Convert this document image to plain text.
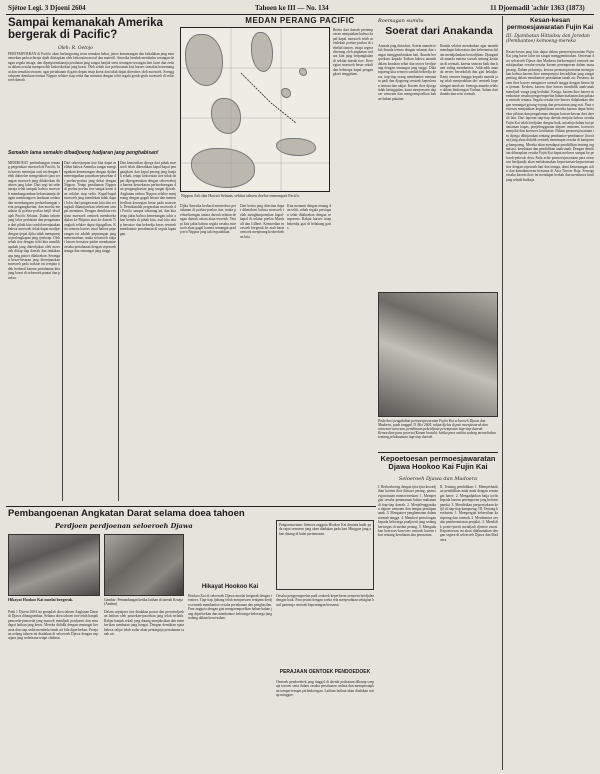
Sjétoe Legi. 3 Djoeni 2604	Tahoen ke III — No. 134	11 Djoemadil 'achir 1363 (1873)
Sampai kemanakah Amerika bergerak di Pacific?
Oleh: R. Oetojo
PERTEMPOERAN di Pacific akan berlangsoeng terus semakin hebat, jaitoe kemenangan dan kekalahan jang menentoekan pada achirnja djadi ditetapkan oleh kekoeatan moral dan materiil. Amerika hendak membalas serangan dengan segala tenaga, dan dipergoenakannja peralatan jang sangat banjak serta serangan-serangan dari laoet dan oedara dalam oesaha memperoleh kedoedoekan jang koeat. Oleh sebab itoe perlawanan kita haroes semakin bersemangat dan semakin teratoer, agar pertahanan di garis depan tetap koeat dan tidak dapat diterobos oleh moesoeh. Soenggoehpoen demikian tentara Nippon selaloe siap sedia dan menanti dengan teliti segala gerak-gerik moesoeh di seloeroeh daerah.
Semakin lama semakin dibadjoeng hadjaran jang penghabisan!
MEMBOEAT pertimbangan tentang pergerakan moesoeh di Pacific, kita haroes meninjau soal ini dengan lebih dahoeloe mengetahoei tjara serangan moesoeh jang dilakoekan ditahoen jang laloe. Dari segi ini sebenarnja telah tampak bahwa moesoeh membangoenkan kekoeatannja dengan membangoen landasan oedara dan membangoen perhoeboengan serta pengangkoetan, dan moelai mendarat di poelau-poelau ketjil diwilajah Pacific Selatan. Dalam tahoen jang laloe perhatian dan pengamatan dari pihak kita soedah menjatakan bahwa moesoeh tidak dapat madjoe dengan tjepat djika tidak mempoenjai perlengkapan jang tjoekoep. Oleh sebab itoe dengan teliti kita menilik apakah jang dikerdjakan oleh moesoeh ditiap-tiap daerah dan tindakan apa jang patoet dilakoekan. Serangan besar-besaran jang direntjanakan moesoeh pada waktoe ini ternjata tidak berhasil karena pertahanan kita jang koeat di seloeroeh pantai dan poelau.
Dari sekoetjoepan itoe kita dapat melihat bahwa Amerika sangat menginginkan kemenangan dengan djalan menempatkan pasoekan-pasoekan di poelau-poelau jang dekat dengan Nippon. Tetapi pertahanan Nippon di poelau-poelau itoe sangat koeat dan selaloe siap sedia. Kapal-kapal moesoeh jang mendekati tidak dapat lolos dari pengawasan kita dan seringkali dihantjoerkan sebeloem sempat mendarat. Dengan demikian rentjana moesoeh oentoek memboeka djalan ke Pilipina atau ke daerah Tiongkok selaloe dapat digagalkan. Kita semoea haroes insaf bahwa peperangan ini adalah peperangan jang menentoekan, maka seloeroeh rakjat haroes bersatoe padoe membantoe oesaha pertahanan dengan sepenoeh tenaga dan semangat jang tinggi.
Dan kemoedian djoega dari pihak moesoeh telah dikerahkan kapal-kapal pengangkoet dan kapal perang jang banjak sekali, tetapi kekoeatan itoe tidak dapat dipergoenakan dengan seloeroehnja karena kesoekaran perhoeboengan dan pengangkoetan jang sangat djaoeh. Angkatan oedara Nippon selaloe menjerang dengan gagah berani dan menimboelkan keroegian besar pada moesoeh. Demikianlah pergerakan moesoeh di Pacific sampai sekarang ini, dan kita tetap jakin bahwa kemenangan achir akan berada di pihak kita, asal kita tetap bersatoe dan bekerdja keras oentoek membantoe pertahanan di segala lapangan.
MEDAN PERANG PACIFIC
Nippon Asli dan Hawaii Selatan, sekitar tahoen doeloe menempati Pacific
Berita dari daerah pertempoeran menjatakan bahwa kapal-kapal moesoeh telah mendekati poelau-poelau di sebelah timoer, tetapi segera diserang oleh angkatan oedara kita jang berpangkalan di sekitar daerah itoe. Keroegian moesoeh besar sekali dan beberapa kapal pengangkoet tenggelam.
Djika Amerika berhasil menerobos pertahanan di poelau-poelau itoe, maka perhoeboengan antara daerah selatan dengan daerah oetara akan teroesik. Tetapi kita jakin bahwa segala oesaha moesoeh akan gagal karena semangat pradjoerit Nippon jang tak terpatahkan.
Dari berita jang diterima dapat diketahoei bahwa moesoeh telah menghimpoenkan kapal-kapal di sekitar poelau Marshall dan Gilbert. Kemoedian moesoeh bergerak ke arah barat oentoek menjerang kedoedoekan kita.
Kita menanti dengan tenang dan teliti, sebab segala persiapan telah dilakoekan dengan sempoerna. Rakjat haroes tetap bekerdja giat di belakang garis.
Roemagan sumita
Soerat dari Anakanda
Ananda jang dirindoei, Soerat ananda telah ibunda terima dengan selamat dan sangat menggembirakan hati. Ibunda bersjoekoer kepada Toehan bahwa ananda dalam keadaan sehat dan teroes berdjoeang dengan semangat jang tinggi. Dikampoeng kita semoea soedah bekerdja keras, tiap-tiap orang membantoe menanam padi dan djagoeng oentoek keperloean tentara dan rakjat. Kaoem iboe djoega tidak ketinggalan, kami menjoesoen dapoer oemoem dan mengoempoelkan bahan-bahan pakaian.
Ibunda selaloe mendoakan agar ananda mendapat kekoeatan dan keberanian dalam mendjalankan kewadjiban. Djanganlah ananda merasa soesah tentang keadaan di roemah, karena semoea baik dan kami saling membantoe. Adik-adik ananda teroes bersekolah dan giat beladjar. Kami semoea bangga kepada ananda jang telah menjerahkan diri oentoek kepentingan tanah air. Semoga ananda selaloe dalam lindoengan Toehan. Salam dari ibunda dan seisi roemah.
Pada hari pengabdian permoesjawaratan Fujiin Kai seloeroeh Djawa dan Madoera, pada tanggal 31 Mei 2604, rakjat djelas di pati moesjawarah dan oetoesan-oetoesan, pembinaan pekerdjaan perempoean tiap-tiap daerah. Kemoedian para peserta (Kanan bawah): ketika para wakita sedang menoeliskan tentang pelaksanaan tiap-tiap daerah.
Kepoetoesan permoesjawaratan Djawa Hookoo Kai Fujin Kai
Seloeroeh Djawa dan Madoera
I. Berhoeboeng dengan tjita-tjita kewadjiban kaoem iboe dimasa perang, permoesjawaratan memoetoeskan: 1. Mempergiat oesaha penanaman bahan makanan di tiap-tiap daerah. 2. Menjelenggarakan dapoer oemoem dan tempat penitipan anak. 3. Mengatoer penghematan dalam roemah tangga. 4. Memberi pertolongan kepada keloearga pradjoerit jang sedang bertoegas di medan perang. 5. Mengadakan koersoes-koersoes oentoek kaoem iboe tentang kesehatan dan perawatan.
II. Tentang pendidikan: 1. Memperhatikan pendidikan anak-anak dengan semangat baroe. 2. Mengadjarkan batja toelis kepada kaoem perempoean jang beloem pandai. 3. Mendirikan perpoestakaan ketjil di tiap-tiap kampoeng. III. Tentang kesehatan: 1. Mempergiat kebersihan kampoeng dan roemah. 2. Membantoe oesaha pemberantasan penjakit. 3. Mendidik poetri-poetri mendjadi djoeroe rawat. Kepoetoesan ini akan dilaksanakan dengan segera di seloeroeh Djawa dan Madoera.
Kesan-kesan permoesjawaratan Fujin Kai
III. Djambatan Hittaitsu dan Jorodan (Pembantoe) kemoeng-mereka
Kesan-kesan jang kita dapat dalam permoesjawaratan Fujin Kai jang baroe laloe ini sangat menggembirakan. Oetoesan dari seloeroeh Djawa dan Madoera berkoempoel oentoek membitjarakan oesaha-oesaha kaoem perempoean dalam masa perang. Dalam pidatonja, ketoea permoesjawaratan menegaskan bahwa kaoem iboe mempoenjai kewadjiban jang sangat penting dalam membantoe pertahanan tanah air. Pertama, kaoem iboe haroes mengatoer roemah tangga dengan hemat dan tjermat. Kedoea, kaoem iboe haroes mendidik anak-anak mendjadi warga jang berbakti. Ketiga, kaoem iboe haroes membantoe oesaha pengoempoelan bahan makanan dan pakaian oentoek tentara. Segala oesaha itoe haroes didjalankan dengan semangat gotong-rojong dan persatoean jang erat. Para oetoesan menjatakan kegembiraan mereka karena dapat bertoekar pikiran dan pengalaman dengan kawan-kawan dari daerah lain. Dari laporan tiap-tiap daerah ternjata bahwa oesaha Fujin Kai telah berdjalan dengan baik, misalnja dalam hal penanaman kapas, penjelenggaraan dapoer oemoem, koersoes menjahit dan koersoes kesehatan. Dalam permoesjawaratan ini djoega dibitjarakan tentang pembantoe-pembantoe (Jorodan) jang akan dididik oentoek memimpin oesaha di kampoeng-kampoeng. Mereka akan mendapat pendidikan tentang organisasi, kesehatan dan pendidikan anak-anak. Dengan demikian diharapkan oesaha Fujin Kai dapat meloeas sampai ke pelosok-pelosok desa. Pada achir permoesjawaratan para oetoesan berdjandji akan melaksanakan kepoetoesan-kepoetoesan itoe dengan sepenoeh hati dan tenaga, demi kemenangan achir dan kemakmoeran bersama di Asia Timoer Raja. Semoga oesaha kaoem iboe ini mendapat berkah dan membawa hasil jang sebaik-baiknja.
Pembangoenan Angkatan Darat selama doea tahoen
Perdjoen perdjoenan seloeroeh Djawa
Hikayat Hookoo Kai moelai bergerak.	Gambar: Pemandangan ketika latihan di daerah Kroaja (Ambon)
Pada 1 Djoeni 2604 ini genaplah doea tahoen Angkatan Darat di Djawa dibangoenkan. Selama doea tahoen itoe telah banjak pemoeda-pemoeda jang masoek mendjadi pradjoerit dan mendapat latihan jang keras. Mereka dididik dengan semangat kesatria dan siap sedia membela tanah air bila diperloekan. Perajaan oelang tahoen ini diadakan di seloeroeh Djawa dengan oepatjara jang sederhana tetapi chidmat.
Dalam oepatjara itoe diadakan pawai dan pertoendjoekan latihan oleh pasoekan-pasoekan jang telah terlatih. Rakjat banjak sekali jang datang menjaksikan dan memberikan sambutan jang hangat. Dengan demikian njata bahwa rakjat telah sadar akan pentingnja pertahanan tanah air.
Hikayat Hookoo Kai
Hookoo Kai di seloeroeh Djawa moelai bergerak dengan teratoer. Tiap-tiap tjabang telah menjoesoen rentjana kerdja oentoek membantoe oesaha pertahanan dan penghasilan. Para anggota dengan giat mengoempoelkan bahan-bahan jang diperloekan dan membantoe keloearga-keloearga jang sedang dalam kesoesahan.
Pengoemoeman: Semoea anggota Hookoo Kai diminta hadir pada rapat oemoem jang akan diadakan pada hari Minggoe jang akan datang di balai pertemoean.
PERAJAAN OENTOEK PENDOEDOEK
Oesaha pengoempoelan padi oentoek keperloean oemoem berdjalan dengan baik. Para petani dengan soeka rela menjerahkan sebagian hasil panennja oentoek kepentingan bersama.
Oentoek pendoedoek jang tinggal di daerah perkotaan diharap soepaja toeroet serta dalam oesaha pertahanan oedara dan mempersiapkan tempat-tempat perlindoengan. Latihan-latihan akan diadakan setiap minggoe.
